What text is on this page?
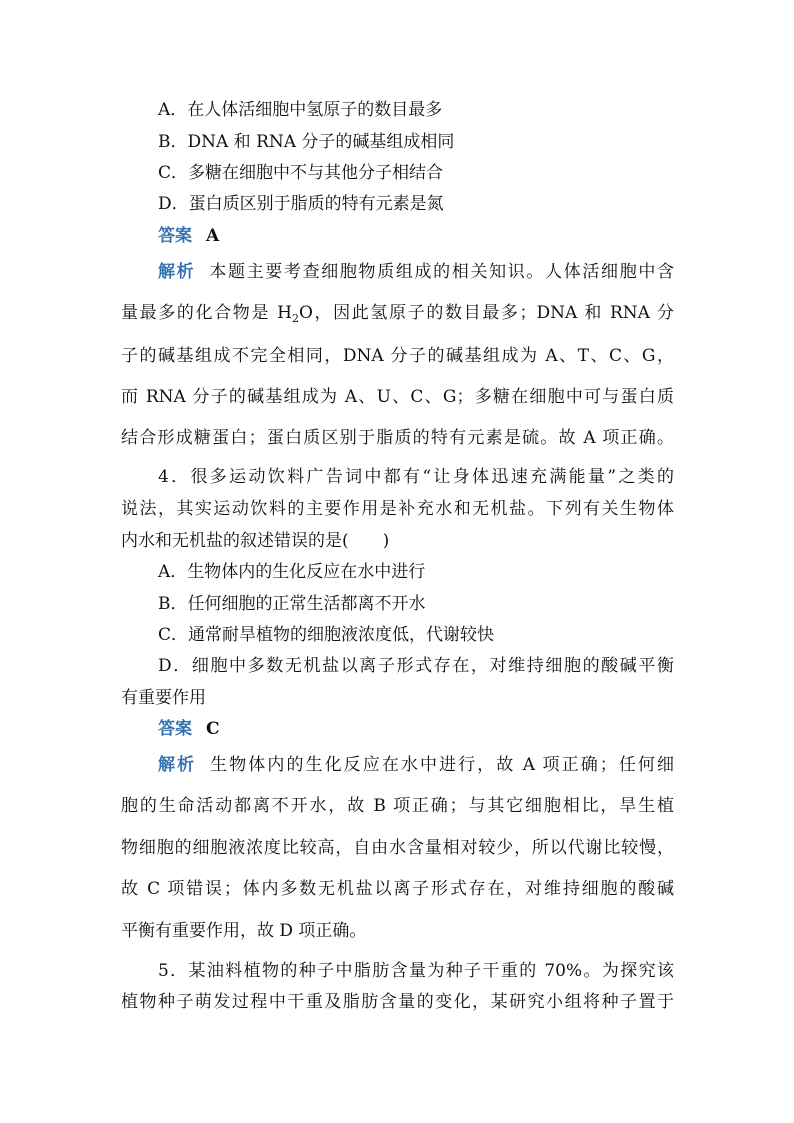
A．在人体活细胞中氢原子的数目最多
B．DNA 和 RNA 分子的碱基组成相同
C．多糖在细胞中不与其他分子相结合
D．蛋白质区别于脂质的特有元素是氮
答案 A
解析 本题主要考查细胞物质组成的相关知识。人体活细胞中含
量最多的化合物是 $H_2O$，因此氢原子的数目最多；DNA 和 RNA 分
子的碱基组成不完全相同，DNA 分子的碱基组成为 A、T、C、G，
而 RNA 分子的碱基组成为 A、U、C、G；多糖在细胞中可与蛋白质
结合形成糖蛋白；蛋白质区别于脂质的特有元素是硫。故 A 项正确。
4．很多运动饮料广告词中都有“让身体迅速充满能量”之类的
说法，其实运动饮料的主要作用是补充水和无机盐。下列有关生物体
内水和无机盐的叙述错误的是(　　)
A．生物体内的生化反应在水中进行
B．任何细胞的正常生活都离不开水
C．通常耐旱植物的细胞液浓度低，代谢较快
D．细胞中多数无机盐以离子形式存在，对维持细胞的酸碱平衡
有重要作用
答案 C
解析 生物体内的生化反应在水中进行，故 A 项正确；任何细
胞的生命活动都离不开水，故 B 项正确；与其它细胞相比，旱生植
物细胞的细胞液浓度比较高，自由水含量相对较少，所以代谢比较慢，
故 C 项错误；体内多数无机盐以离子形式存在，对维持细胞的酸碱
平衡有重要作用，故 D 项正确。
5．某油料植物的种子中脂肪含量为种子干重的 70%。为探究该
植物种子萌发过程中干重及脂肪含量的变化，某研究小组将种子置于
